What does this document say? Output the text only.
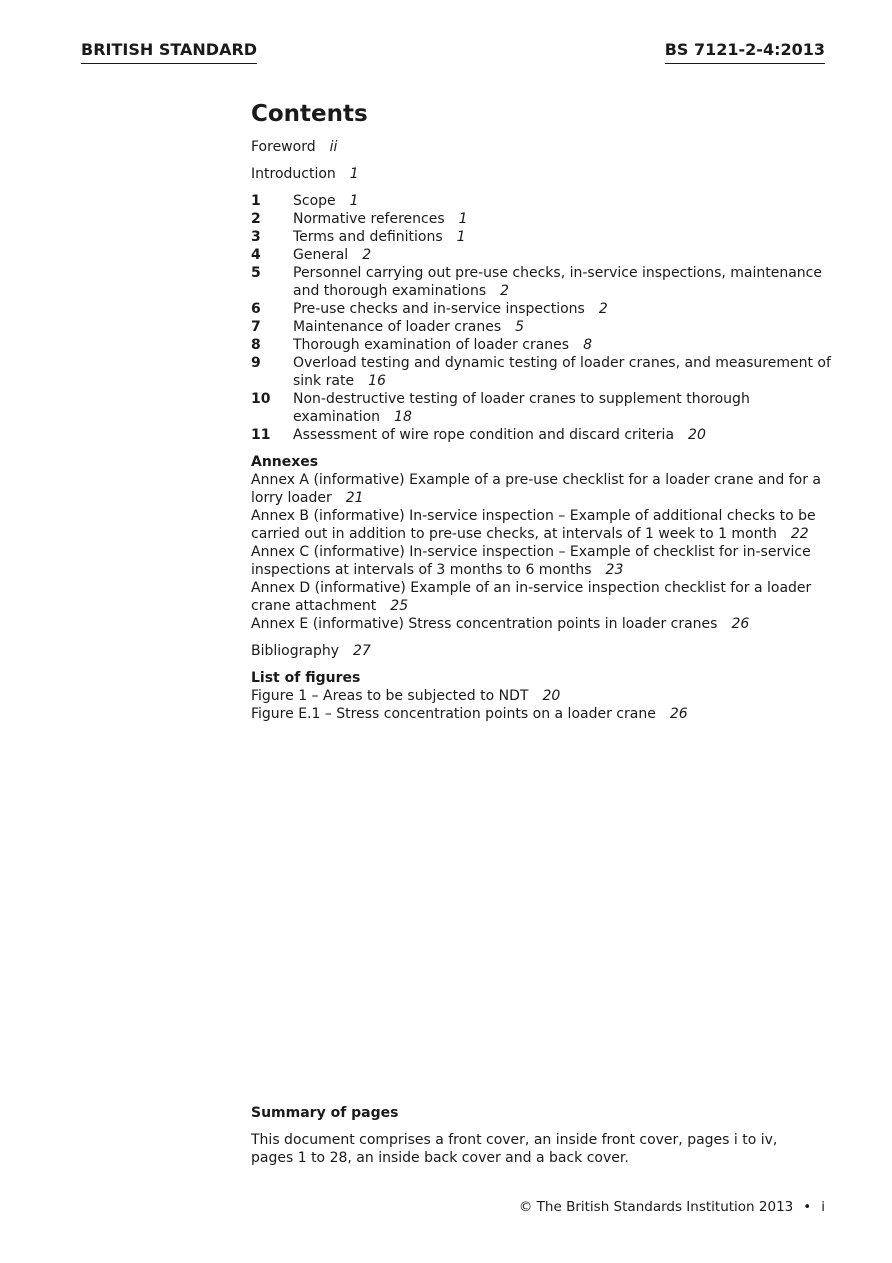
BRITISH STANDARD	BS 7121-2-4:2013
Contents

Foreword ii

Introduction 1

1	Scope 1
2	Normative references 1
3	Terms and definitions 1
4	General 2
5	Personnel carrying out pre-use checks, in-service inspections, maintenance and thorough examinations 2
6	Pre-use checks and in-service inspections 2
7	Maintenance of loader cranes 5
8	Thorough examination of loader cranes 8
9	Overload testing and dynamic testing of loader cranes, and measurement of sink rate 16
10	Non-destructive testing of loader cranes to supplement thorough examination 18
11	Assessment of wire rope condition and discard criteria 20
Annexes
Annex A (informative) Example of a pre-use checklist for a loader crane and for a lorry loader 21
Annex B (informative) In-service inspection – Example of additional checks to be carried out in addition to pre-use checks, at intervals of 1 week to 1 month 22
Annex C (informative) In-service inspection – Example of checklist for in-service inspections at intervals of 3 months to 6 months 23
Annex D (informative) Example of an in-service inspection checklist for a loader crane attachment 25
Annex E (informative) Stress concentration points in loader cranes 26

Bibliography 27

List of figures
Figure 1 – Areas to be subjected to NDT 20
Figure E.1 – Stress concentration points on a loader crane 26
Summary of pages
This document comprises a front cover, an inside front cover, pages i to iv, pages 1 to 28, an inside back cover and a back cover.
© The British Standards Institution 2013 • i
